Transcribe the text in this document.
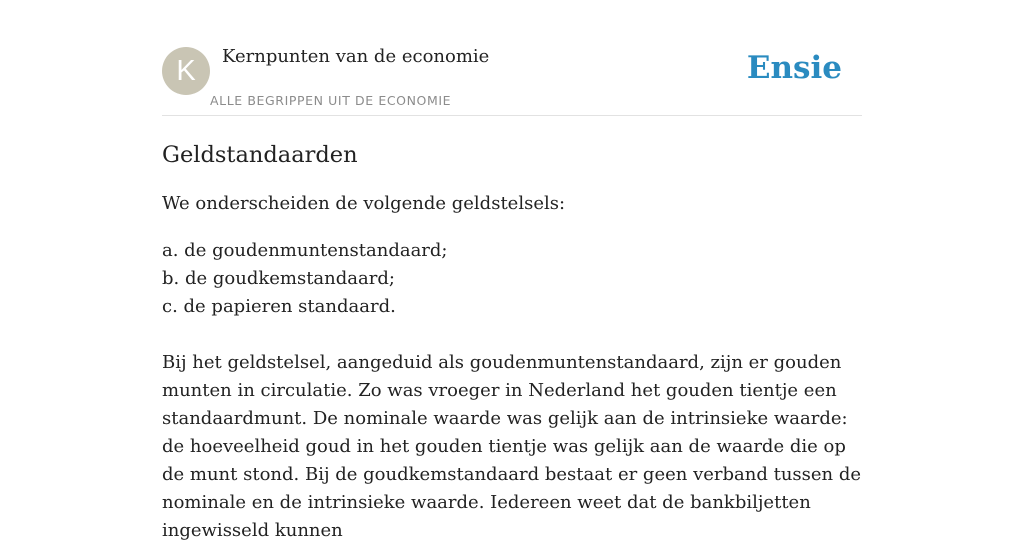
K	Kernpunten van de economie
ALLE BEGRIPPEN UIT DE ECONOMIE
Ensie
Geldstandaarden

We onderscheiden de volgende geldstelsels:

a. de goudenmuntenstandaard;
b. de goudkemstandaard;
c. de papieren standaard.

Bij het geldstelsel, aangeduid als goudenmuntenstandaard, zijn er gouden munten in circulatie. Zo was vroeger in Nederland het gouden tientje een standaardmunt. De nominale waarde was gelijk aan de intrinsieke waarde: de hoeveelheid goud in het gouden tientje was gelijk aan de waarde die op de munt stond. Bij de goudkemstandaard bestaat er geen verband tussen de nominale en de intrinsieke waarde. Iedereen weet dat de bankbiljetten ingewisseld kunnen
